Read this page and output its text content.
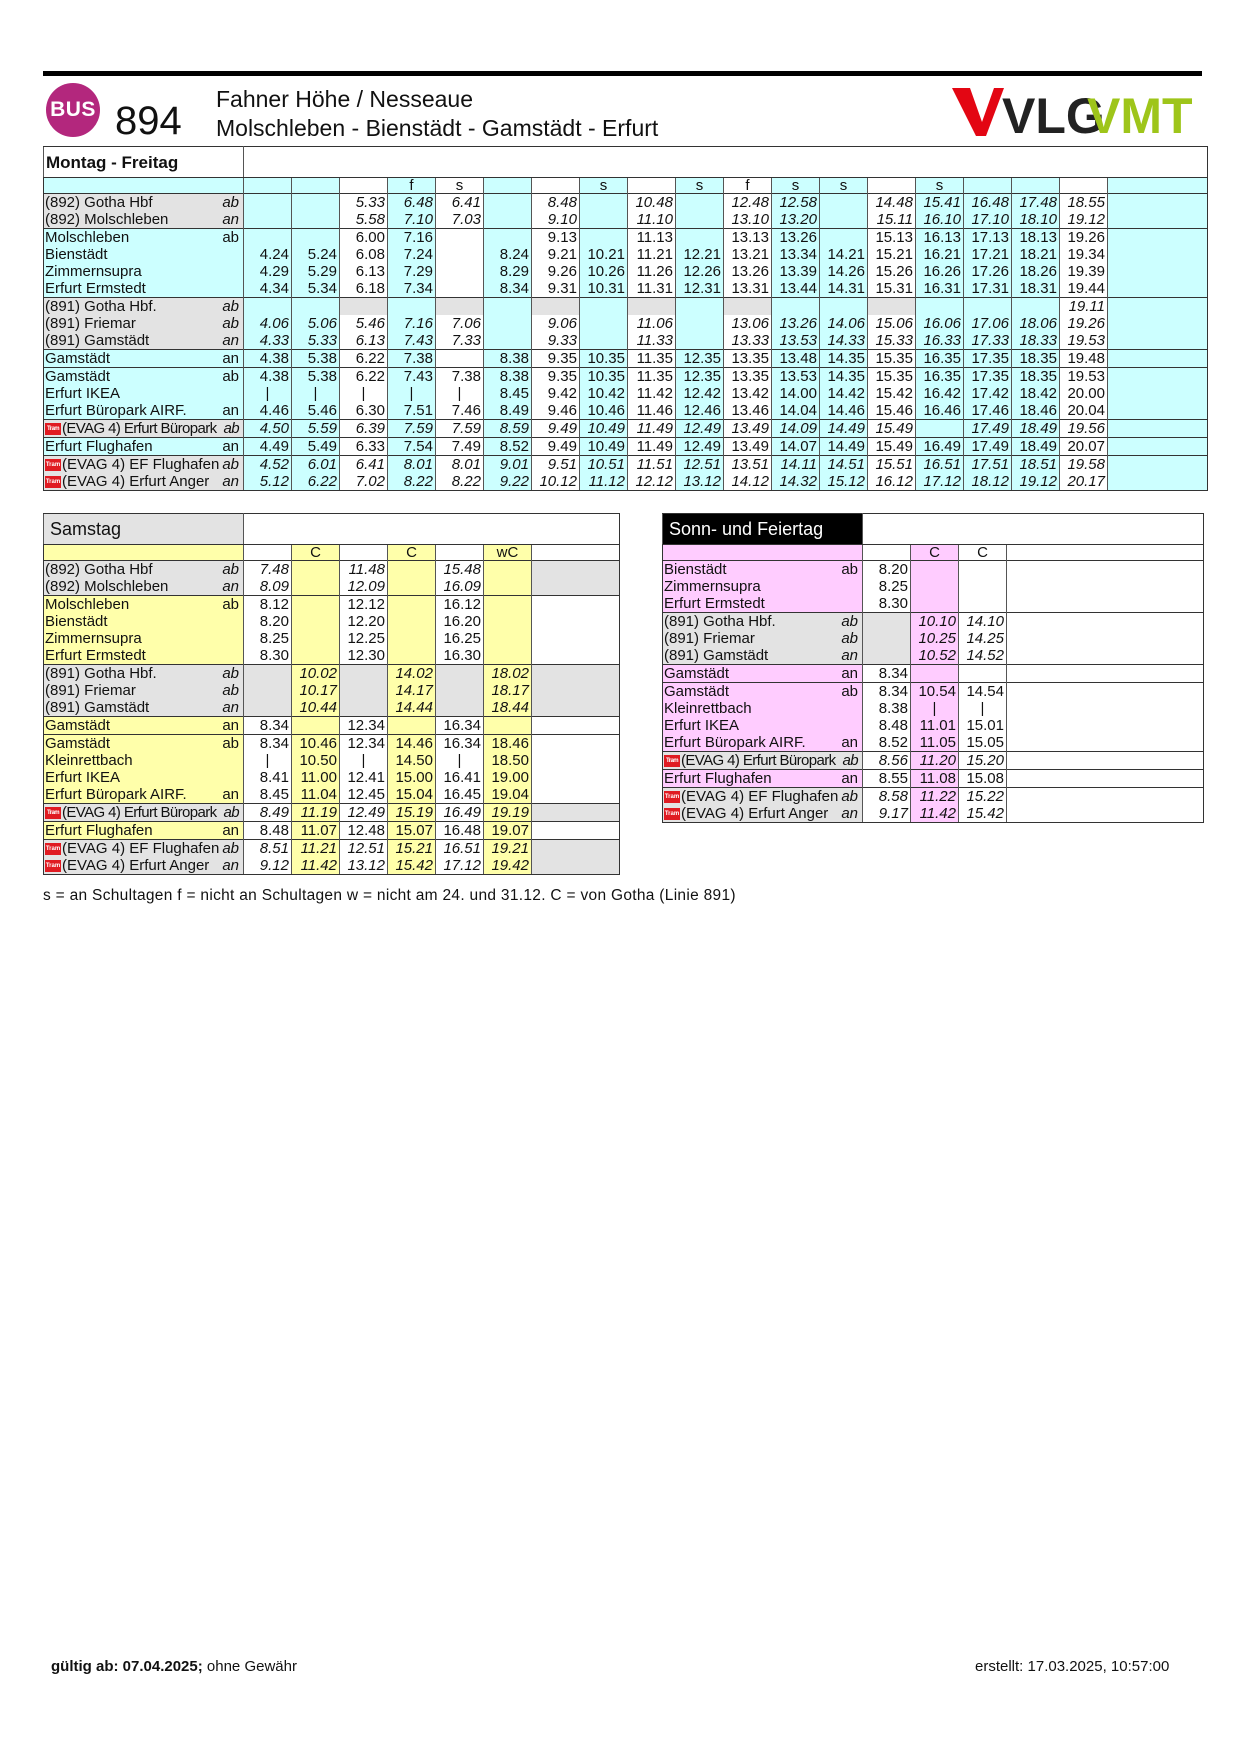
BUS 894 Fahner Höhe / Nesseaue
Molschleben - Bienstädt - Gamstädt - Erfurt	VLG
VMT
Montag - Freitag																			
				f	s			s		s	f	s	s		s				

(892) Gotha Hbf ab			5.33	6.48	6.41		8.48		10.48		12.48	12.58		14.48	15.41	16.48	17.48	18.55	

(892) Molschleben an			5.58	7.10	7.03		9.10		11.10		13.10	13.20		15.11	16.10	17.10	18.10	19.12	

Molschleben ab			6.00	7.16			9.13		11.13		13.13	13.26		15.13	16.13	17.13	18.13	19.26	

Bienstädt	4.24	5.24	6.08	7.24		8.24	9.21	10.21	11.21	12.21	13.21	13.34	14.21	15.21	16.21	17.21	18.21	19.34	

Zimmernsupra	4.29	5.29	6.13	7.29		8.29	9.26	10.26	11.26	12.26	13.26	13.39	14.26	15.26	16.26	17.26	18.26	19.39	

Erfurt Ermstedt	4.34	5.34	6.18	7.34		8.34	9.31	10.31	11.31	12.31	13.31	13.44	14.31	15.31	16.31	17.31	18.31	19.44	

(891) Gotha Hbf. ab																		19.11	

(891) Friemar ab	4.06	5.06	5.46	7.16	7.06		9.06		11.06		13.06	13.26	14.06	15.06	16.06	17.06	18.06	19.26	

(891) Gamstädt an	4.33	5.33	6.13	7.43	7.33		9.33		11.33		13.33	13.53	14.33	15.33	16.33	17.33	18.33	19.53	

Gamstädt an	4.38	5.38	6.22	7.38		8.38	9.35	10.35	11.35	12.35	13.35	13.48	14.35	15.35	16.35	17.35	18.35	19.48	

Gamstädt ab	4.38	5.38	6.22	7.43	7.38	8.38	9.35	10.35	11.35	12.35	13.35	13.53	14.35	15.35	16.35	17.35	18.35	19.53	

Erfurt IKEA	|	|	|	|	|	8.45	9.42	10.42	11.42	12.42	13.42	14.00	14.42	15.42	16.42	17.42	18.42	20.00	

Erfurt Büropark AIRF. an	4.46	5.46	6.30	7.51	7.46	8.49	9.46	10.46	11.46	12.46	13.46	14.04	14.46	15.46	16.46	17.46	18.46	20.04	
Tram (EVAG 4) Erfurt Büropark ab	4.50	5.59	6.39	7.59	7.59	8.59	9.49	10.49	11.49	12.49	13.49	14.09	14.49	15.49		17.49	18.49	19.56	

Erfurt Flughafen an	4.49	5.49	6.33	7.54	7.49	8.52	9.49	10.49	11.49	12.49	13.49	14.07	14.49	15.49	16.49	17.49	18.49	20.07	
Tram (EVAG 4) EF Flughafen ab	4.52	6.01	6.41	8.01	8.01	9.01	9.51	10.51	11.51	12.51	13.51	14.11	14.51	15.51	16.51	17.51	18.51	19.58	
Tram (EVAG 4) Erfurt Anger an	5.12	6.22	7.02	8.22	8.22	9.22	10.12	11.12	12.12	13.12	14.12	14.32	15.12	16.12	17.12	18.12	19.12	20.17	
Samstag							
		C		C		wC	

(892) Gotha Hbf ab	7.48		11.48		15.48		

(892) Molschleben an	8.09		12.09		16.09		

Molschleben ab	8.12		12.12		16.12		

Bienstädt	8.20		12.20		16.20		

Zimmernsupra	8.25		12.25		16.25		

Erfurt Ermstedt	8.30		12.30		16.30		

(891) Gotha Hbf. ab		10.02		14.02		18.02	

(891) Friemar ab		10.17		14.17		18.17	

(891) Gamstädt an		10.44		14.44		18.44	

Gamstädt an	8.34		12.34		16.34		

Gamstädt ab	8.34	10.46	12.34	14.46	16.34	18.46	

Kleinrettbach	|	10.50	|	14.50	|	18.50	

Erfurt IKEA	8.41	11.00	12.41	15.00	16.41	19.00	

Erfurt Büropark AIRF. an	8.45	11.04	12.45	15.04	16.45	19.04	
Tram (EVAG 4) Erfurt Büropark ab	8.49	11.19	12.49	15.19	16.49	19.19	

Erfurt Flughafen an	8.48	11.07	12.48	15.07	16.48	19.07	
Tram (EVAG 4) EF Flughafen ab	8.51	11.21	12.51	15.21	16.51	19.21	
Tram (EVAG 4) Erfurt Anger an	9.12	11.42	13.12	15.42	17.12	19.42	
Sonn- und Feiertag				
		C	C	

Bienstädt ab	8.20			

Zimmernsupra	8.25			

Erfurt Ermstedt	8.30			

(891) Gotha Hbf. ab		10.10	14.10	

(891) Friemar ab		10.25	14.25	

(891) Gamstädt an		10.52	14.52	

Gamstädt an	8.34			

Gamstädt ab	8.34	10.54	14.54	

Kleinrettbach	8.38	|	|	

Erfurt IKEA	8.48	11.01	15.01	

Erfurt Büropark AIRF. an	8.52	11.05	15.05	
Tram (EVAG 4) Erfurt Büropark ab	8.56	11.20	15.20	

Erfurt Flughafen an	8.55	11.08	15.08	
Tram (EVAG 4) EF Flughafen ab	8.58	11.22	15.22	
Tram (EVAG 4) Erfurt Anger an	9.17	11.42	15.42	
s = an Schultagen f = nicht an Schultagen w = nicht am 24. und 31.12. C = von Gotha (Linie 891)
gültig ab: 07.04.2025; ohne Gewähr	erstellt: 17.03.2025, 10:57:00
